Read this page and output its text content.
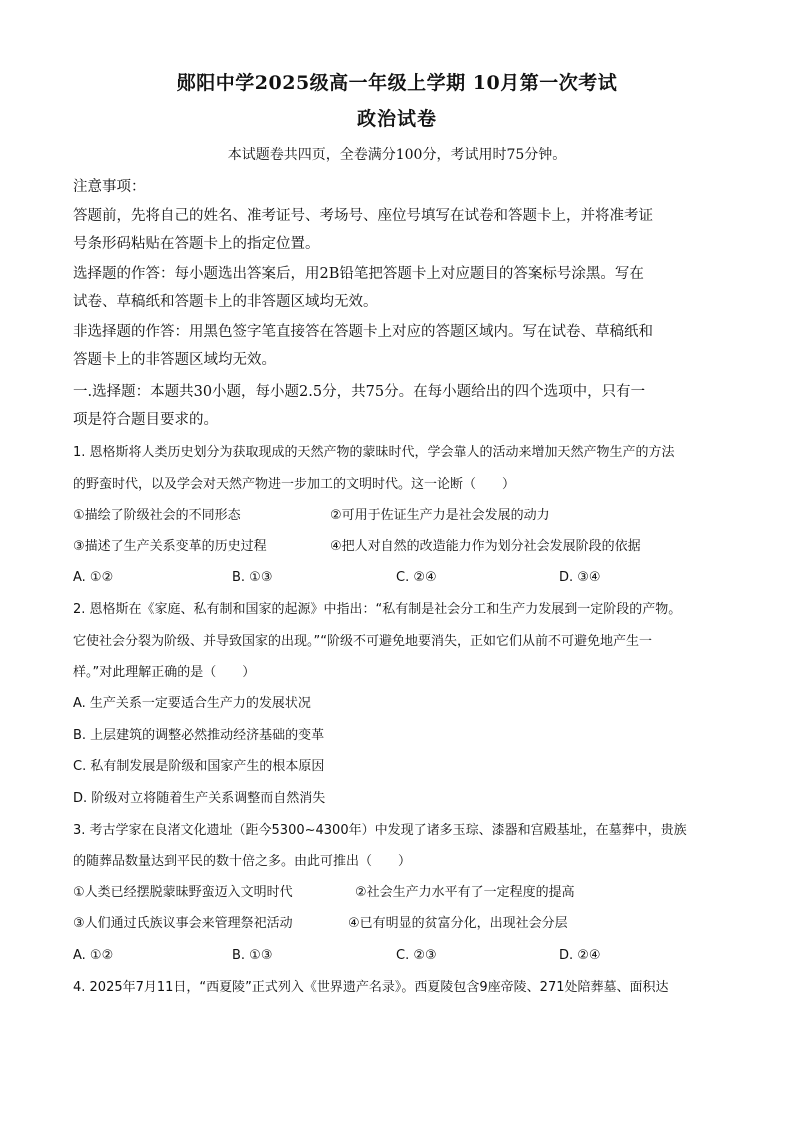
郧阳中学2025级高一年级上学期 10月第一次考试
政治试卷
本试题卷共四页，全卷满分100分，考试用时75分钟。
注意事项：
答题前，先将自己的姓名、准考证号、考场号、座位号填写在试卷和答题卡上，并将准考证
号条形码粘贴在答题卡上的指定位置。
选择题的作答：每小题选出答案后，用2B铅笔把答题卡上对应题目的答案标号涂黑。写在
试卷、草稿纸和答题卡上的非答题区域均无效。
非选择题的作答：用黑色签字笔直接答在答题卡上对应的答题区域内。写在试卷、草稿纸和
答题卡上的非答题区域均无效。
一.选择题：本题共30小题，每小题2.5分，共75分。在每小题给出的四个选项中，只有一
项是符合题目要求的。
1. 恩格斯将人类历史划分为获取现成的天然产物的蒙昧时代，学会靠人的活动来增加天然产物生产的方法
的野蛮时代，以及学会对天然产物进一步加工的文明时代。这一论断（　　）
①描绘了阶级社会的不同形态	②可用于佐证生产力是社会发展的动力
③描述了生产关系变革的历史过程	④把人对自然的改造能力作为划分社会发展阶段的依据
A. ①②	B. ①③	C. ②④	D. ③④
2. 恩格斯在《家庭、私有制和国家的起源》中指出：“私有制是社会分工和生产力发展到一定阶段的产物。
它使社会分裂为阶级、并导致国家的出现。”“阶级不可避免地要消失，正如它们从前不可避免地产生一
样。”对此理解正确的是（　　）
A. 生产关系一定要适合生产力的发展状况
B. 上层建筑的调整必然推动经济基础的变革
C. 私有制发展是阶级和国家产生的根本原因
D. 阶级对立将随着生产关系调整而自然消失
3. 考古学家在良渚文化遗址（距今5300~4300年）中发现了诸多玉琮、漆器和宫殿基址，在墓葬中，贵族
的随葬品数量达到平民的数十倍之多。由此可推出（　　）
①人类已经摆脱蒙昧野蛮迈入文明时代	②社会生产力水平有了一定程度的提高
③人们通过氏族议事会来管理祭祀活动	④已有明显的贫富分化，出现社会分层
A. ①②	B. ①③	C. ②③	D. ②④
4. 2025年7月11日，“西夏陵”正式列入《世界遗产名录》。西夏陵包含9座帝陵、271处陪葬墓、面积达
